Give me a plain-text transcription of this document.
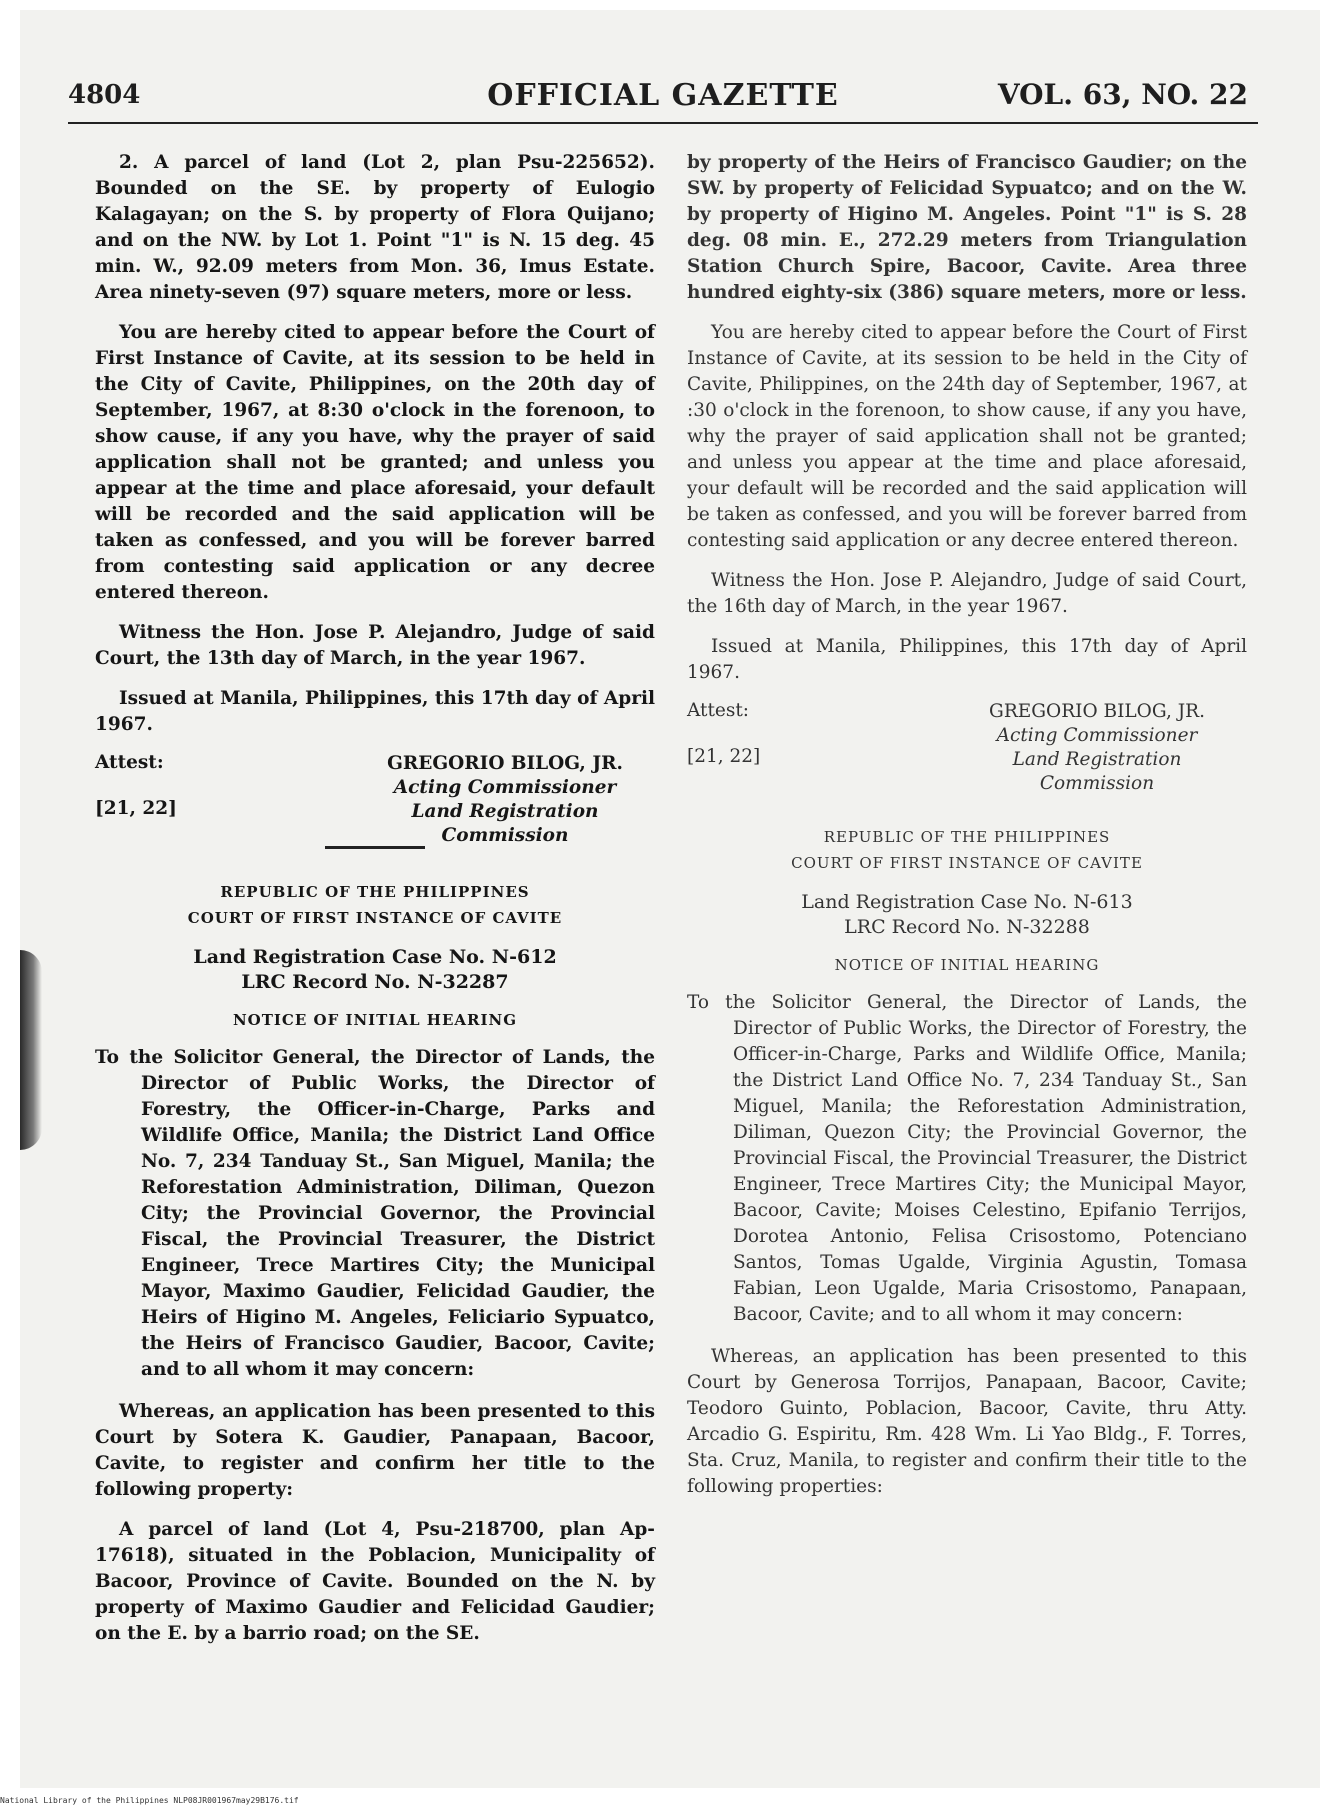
4804	OFFICIAL GAZETTE	VOL. 63, NO. 22

2. A parcel of land (Lot 2, plan Psu-225652). Bounded on the SE. by property of Eulogio Kalagayan; on the S. by property of Flora Quijano; and on the NW. by Lot 1. Point "1" is N. 15 deg. 45 min. W., 92.09 meters from Mon. 36, Imus Estate. Area ninety-seven (97) square meters, more or less.

You are hereby cited to appear before the Court of First Instance of Cavite, at its session to be held in the City of Cavite, Philippines, on the 20th day of September, 1967, at 8:30 o'clock in the forenoon, to show cause, if any you have, why the prayer of said application shall not be granted; and unless you appear at the time and place aforesaid, your default will be recorded and the said application will be taken as confessed, and you will be forever barred from contesting said application or any decree entered thereon.

Witness the Hon. Jose P. Alejandro, Judge of said Court, the 13th day of March, in the year 1967.

Issued at Manila, Philippines, this 17th day of April 1967.

Attest:
[21, 22]
GREGORIO BILOG, JR.
Acting Commissioner
Land Registration Commission
REPUBLIC OF THE PHILIPPINES
COURT OF FIRST INSTANCE OF CAVITE
Land Registration Case No. N-612
LRC Record No. N-32287
NOTICE OF INITIAL HEARING
To the Solicitor General, the Director of Lands, the Director of Public Works, the Director of Forestry, the Officer-in-Charge, Parks and Wildlife Office, Manila; the District Land Office No. 7, 234 Tanduay St., San Miguel, Manila; the Reforestation Administration, Diliman, Quezon City; the Provincial Governor, the Provincial Fiscal, the Provincial Treasurer, the District Engineer, Trece Martires City; the Municipal Mayor, Maximo Gaudier, Felicidad Gaudier, the Heirs of Higino M. Angeles, Feliciario Sypuatco, the Heirs of Francisco Gaudier, Bacoor, Cavite; and to all whom it may concern:

Whereas, an application has been presented to this Court by Sotera K. Gaudier, Panapaan, Bacoor, Cavite, to register and confirm her title to the following property:

A parcel of land (Lot 4, Psu-218700, plan Ap-17618), situated in the Poblacion, Municipality of Bacoor, Province of Cavite. Bounded on the N. by property of Maximo Gaudier and Felicidad Gaudier; on the E. by a barrio road; on the SE.

by property of the Heirs of Francisco Gaudier; on the SW. by property of Felicidad Sypuatco; and on the W. by property of Higino M. Angeles. Point "1" is S. 28 deg. 08 min. E., 272.29 meters from Triangulation Station Church Spire, Bacoor, Cavite. Area three hundred eighty-six (386) square meters, more or less.

You are hereby cited to appear before the Court of First Instance of Cavite, at its session to be held in the City of Cavite, Philippines, on the 24th day of September, 1967, at :30 o'clock in the forenoon, to show cause, if any you have, why the prayer of said application shall not be granted; and unless you appear at the time and place aforesaid, your default will be recorded and the said application will be taken as confessed, and you will be forever barred from contesting said application or any decree entered thereon.

Witness the Hon. Jose P. Alejandro, Judge of said Court, the 16th day of March, in the year 1967.

Issued at Manila, Philippines, this 17th day of April 1967.

Attest:
[21, 22]
GREGORIO BILOG, JR.
Acting Commissioner
Land Registration Commission
REPUBLIC OF THE PHILIPPINES
COURT OF FIRST INSTANCE OF CAVITE
Land Registration Case No. N-613
LRC Record No. N-32288
NOTICE OF INITIAL HEARING
To the Solicitor General, the Director of Lands, the Director of Public Works, the Director of Forestry, the Officer-in-Charge, Parks and Wildlife Office, Manila; the District Land Office No. 7, 234 Tanduay St., San Miguel, Manila; the Reforestation Administration, Diliman, Quezon City; the Provincial Governor, the Provincial Fiscal, the Provincial Treasurer, the District Engineer, Trece Martires City; the Municipal Mayor, Bacoor, Cavite; Moises Celestino, Epifanio Terrijos, Dorotea Antonio, Felisa Crisostomo, Potenciano Santos, Tomas Ugalde, Virginia Agustin, Tomasa Fabian, Leon Ugalde, Maria Crisostomo, Panapaan, Bacoor, Cavite; and to all whom it may concern:

Whereas, an application has been presented to this Court by Generosa Torrijos, Panapaan, Bacoor, Cavite; Teodoro Guinto, Poblacion, Bacoor, Cavite, thru Atty. Arcadio G. Espiritu, Rm. 428 Wm. Li Yao Bldg., F. Torres, Sta. Cruz, Manila, to register and confirm their title to the following properties:

National Library of the Philippines NLP08JR001967may29B176.tif
